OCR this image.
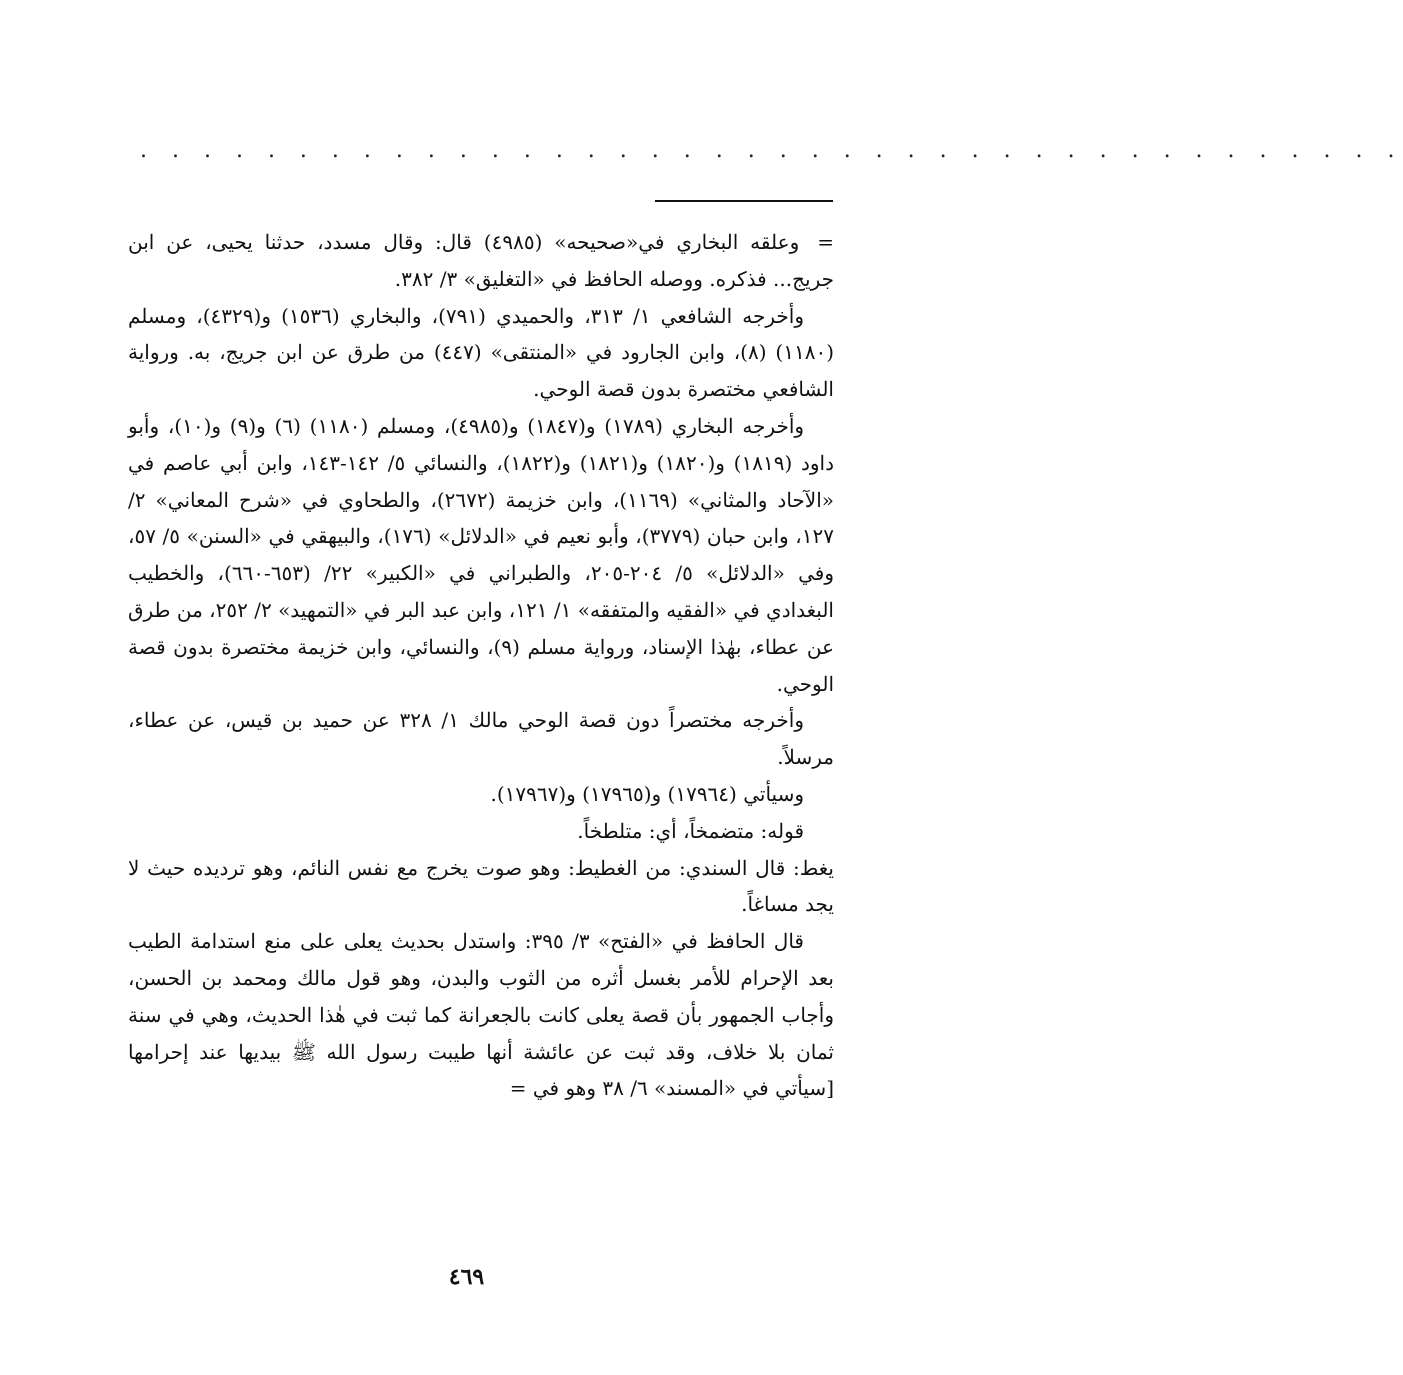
. . . . . . . . . . . . . . . . . . . . . . . . . . . . . . . . . . . . . . . .

=وعلقه البخاري في«صحيحه» (٤٩٨٥) قال: وقال مسدد، حدثنا يحيى، عن ابن جريج... فذكره. ووصله الحافظ في «التغليق» ٣/ ٣٨٢.

وأخرجه الشافعي ١/ ٣١٣، والحميدي (٧٩١)، والبخاري (١٥٣٦) و(٤٣٢٩)، ومسلم (١١٨٠) (٨)، وابن الجارود في «المنتقى» (٤٤٧) من طرق عن ابن جريج، به. ورواية الشافعي مختصرة بدون قصة الوحي.

وأخرجه البخاري (١٧٨٩) و(١٨٤٧) و(٤٩٨٥)، ومسلم (١١٨٠) (٦) و(٩) و(١٠)، وأبو داود (١٨١٩) و(١٨٢٠) و(١٨٢١) و(١٨٢٢)، والنسائي ٥/ ١٤٢-١٤٣، وابن أبي عاصم في «الآحاد والمثاني» (١١٦٩)، وابن خزيمة (٢٦٧٢)، والطحاوي في «شرح المعاني» ٢/ ١٢٧، وابن حبان (٣٧٧٩)، وأبو نعيم في «الدلائل» (١٧٦)، والبيهقي في «السنن» ٥/ ٥٧، وفي «الدلائل» ٥/ ٢٠٤-٢٠٥، والطبراني في «الكبير» ٢٢/ (٦٥٣-٦٦٠)، والخطيب البغدادي في «الفقيه والمتفقه» ١/ ١٢١، وابن عبد البر في «التمهيد» ٢/ ٢٥٢، من طرق عن عطاء، بهٰذا الإسناد، ورواية مسلم (٩)، والنسائي، وابن خزيمة مختصرة بدون قصة الوحي.

وأخرجه مختصراً دون قصة الوحي مالك ١/ ٣٢٨ عن حميد بن قيس، عن عطاء، مرسلاً.

وسيأتي (١٧٩٦٤) و(١٧٩٦٥) و(١٧٩٦٧).

قوله: متضمخاً، أي: متلطخاً.

يغط: قال السندي: من الغطيط: وهو صوت يخرج مع نفس النائم، وهو ترديده حيث لا يجد مساغاً.

قال الحافظ في «الفتح» ٣/ ٣٩٥: واستدل بحديث يعلى على منع استدامة الطيب بعد الإحرام للأمر بغسل أثره من الثوب والبدن، وهو قول مالك ومحمد بن الحسن، وأجاب الجمهور بأن قصة يعلى كانت بالجعرانة كما ثبت في هٰذا الحديث، وهي في سنة ثمان بلا خلاف، وقد ثبت عن عائشة أنها طيبت رسول الله ﷺ بيديها عند إحرامها [سيأتي في «المسند» ٦/ ٣٨ وهو في =

٤٦٩
